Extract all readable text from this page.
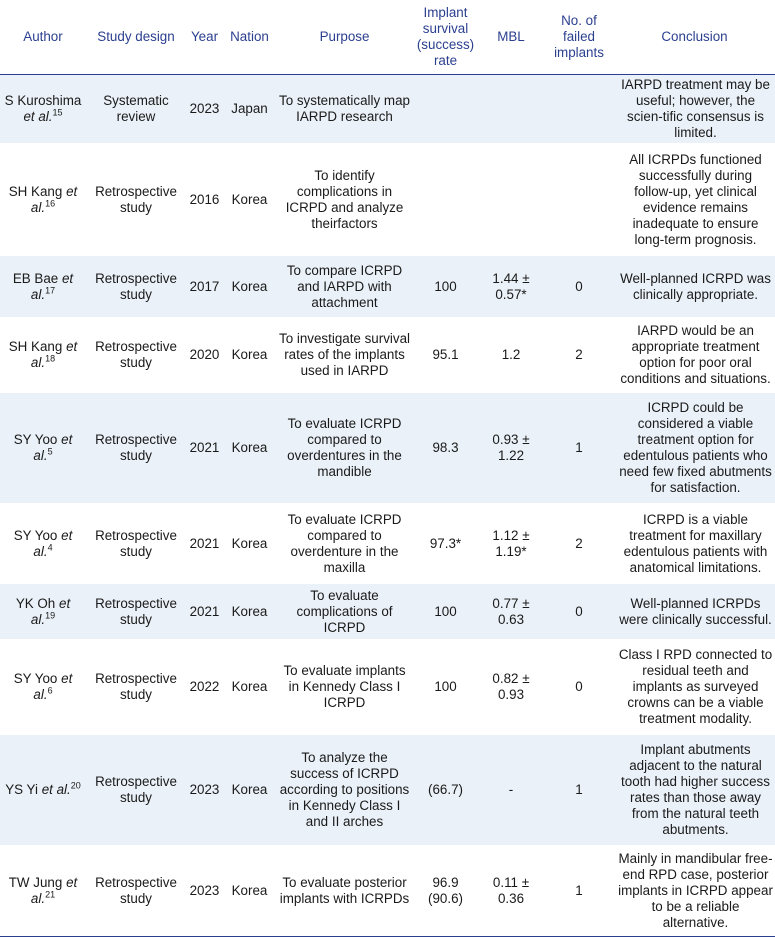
Author	Study design	Year	Nation	Purpose	Implant survival (success) rate	MBL	No. of failed implants	Conclusion
S Kuroshima et al.$^{15}$	Systematic review	2023	Japan	To systematically map IARPD research				IARPD treatment may be useful; however, the scien-tific consensus is limited.
SH Kang et al.$^{16}$	Retrospective study	2016	Korea	To identify complications in ICRPD and analyze theirfactors				All ICRPDs functioned successfully during follow-up, yet clinical evidence remains inadequate to ensure long-term prognosis.
EB Bae et al.$^{17}$	Retrospective study	2017	Korea	To compare ICRPD and IARPD with attachment	100	1.44 ± 0.57*	0	Well-planned ICRPD was clinically appropriate.
SH Kang et al.$^{18}$	Retrospective study	2020	Korea	To investigate survival rates of the implants used in IARPD	95.1	1.2	2	IARPD would be an appropriate treatment option for poor oral conditions and situations.
SY Yoo et al.$^5$	Retrospective study	2021	Korea	To evaluate ICRPD compared to overdentures in the mandible	98.3	0.93 ± 1.22	1	ICRPD could be considered a viable treatment option for edentulous patients who need few fixed abutments for satisfaction.
SY Yoo et al.$^4$	Retrospective study	2021	Korea	To evaluate ICRPD compared to overdenture in the maxilla	97.3*	1.12 ± 1.19*	2	ICRPD is a viable treatment for maxillary edentulous patients with anatomical limitations.
YK Oh et al.$^{19}$	Retrospective study	2021	Korea	To evaluate complications of ICRPD	100	0.77 ± 0.63	0	Well-planned ICRPDs were clinically successful.
SY Yoo et al.$^6$	Retrospective study	2022	Korea	To evaluate implants in Kennedy Class I ICRPD	100	0.82 ± 0.93	0	Class I RPD connected to residual teeth and implants as surveyed crowns can be a viable treatment modality.
YS Yi et al.$^{20}$	Retrospective study	2023	Korea	To analyze the success of ICRPD according to positions in Kennedy Class I and II arches	(66.7)	-	1	Implant abutments adjacent to the natural tooth had higher success rates than those away from the natural teeth abutments.
TW Jung et al.$^{21}$	Retrospective study	2023	Korea	To evaluate posterior implants with ICRPDs	96.9 (90.6)	0.11 ± 0.36	1	Mainly in mandibular free-end RPD case, posterior implants in ICRPD appear to be a reliable alternative.
